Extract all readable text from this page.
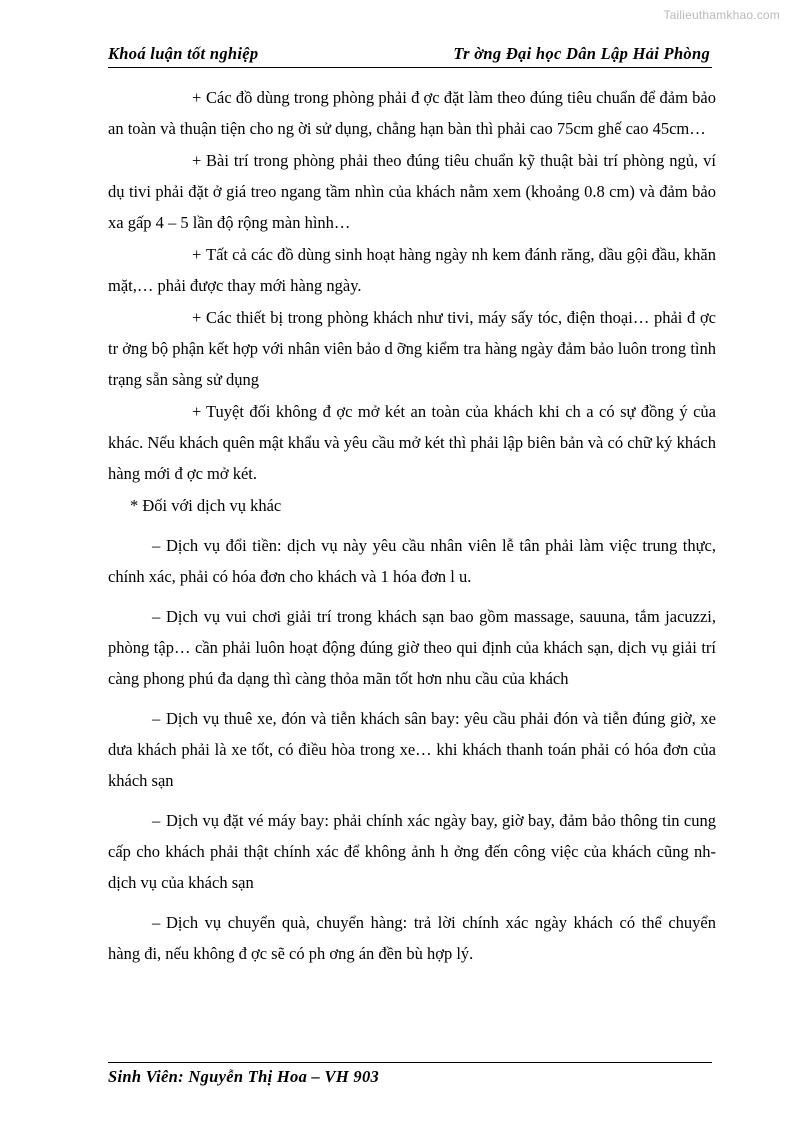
Tailieuthamkhao.com
Khoá luận tốt nghiệp	Tr ờng Đại học Dân Lập Hải Phòng

+ Các đồ dùng trong phòng phải đ ợc đặt làm theo đúng tiêu chuẩn để đảm bảo an toàn và thuận tiện cho ng ời sử dụng, chẳng hạn bàn thì phải cao 75cm ghế cao 45cm…

+ Bài trí trong phòng phải theo đúng tiêu chuẩn kỹ thuật bài trí phòng ngủ, ví dụ tivi phải đặt ở giá treo ngang tầm nhìn của khách nằm xem (khoảng 0.8 cm) và đảm bảo xa gấp 4 – 5 lần độ rộng màn hình…

+ Tất cả các đồ dùng sinh hoạt hàng ngày nh kem đánh răng, dầu gội đầu, khăn mặt,… phải được thay mới hàng ngày.

+ Các thiết bị trong phòng khách như tivi, máy sấy tóc, điện thoại… phải đ ợc tr ởng bộ phận kết hợp với nhân viên bảo d ỡng kiểm tra hàng ngày đảm bảo luôn trong tình trạng sẵn sàng sử dụng

+ Tuyệt đối không đ ợc mở két an toàn của khách khi ch a có sự đồng ý của khác. Nếu khách quên mật khẩu và yêu cầu mở két thì phải lập biên bản và có chữ ký khách hàng mới đ ợc mở két.

* Đối với dịch vụ khác

– Dịch vụ đổi tiền: dịch vụ này yêu cầu nhân viên lễ tân phải làm việc trung thực, chính xác, phải có hóa đơn cho khách và 1 hóa đơn l u.

– Dịch vụ vui chơi giải trí trong khách sạn bao gồm massage, sauuna, tắm jacuzzi, phòng tập… cần phải luôn hoạt động đúng giờ theo qui định của khách sạn, dịch vụ giải trí càng phong phú đa dạng thì càng thỏa mãn tốt hơn nhu cầu của khách

– Dịch vụ thuê xe, đón và tiễn khách sân bay: yêu cầu phải đón và tiễn đúng giờ, xe dưa khách phải là xe tốt, có điều hòa trong xe… khi khách thanh toán phải có hóa đơn của khách sạn

– Dịch vụ đặt vé máy bay: phải chính xác ngày bay, giờ bay, đảm bảo thông tin cung cấp cho khách phải thật chính xác để không ảnh h ởng đến công việc của khách cũng nh dịch vụ của khách sạn

– Dịch vụ chuyển quà, chuyển hàng: trả lời chính xác ngày khách có thể chuyển hàng đi, nếu không đ ợc sẽ có ph ơng án đền bù hợp lý.

Sinh Viên: Nguyễn Thị Hoa – VH 903
